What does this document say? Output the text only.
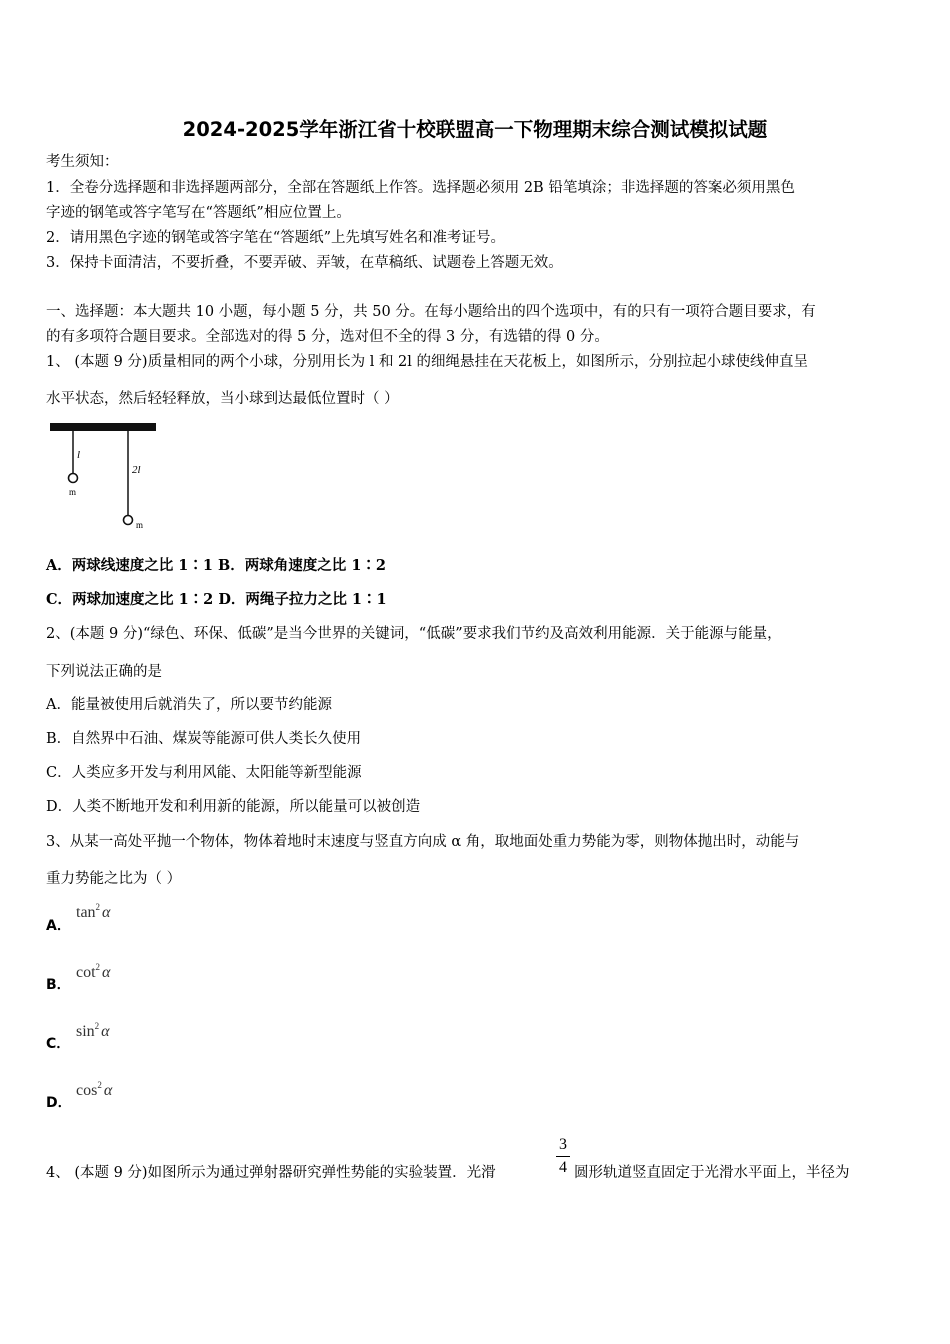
2024-2025学年浙江省十校联盟高一下物理期末综合测试模拟试题
考生须知：
1．全卷分选择题和非选择题两部分，全部在答题纸上作答。选择题必须用 2B 铅笔填涂；非选择题的答案必须用黑色
字迹的钢笔或答字笔写在“答题纸”相应位置上。
2．请用黑色字迹的钢笔或答字笔在“答题纸”上先填写姓名和准考证号。
3．保持卡面清洁，不要折叠，不要弄破、弄皱，在草稿纸、试题卷上答题无效。
一、选择题：本大题共 10 小题，每小题 5 分，共 50 分。在每小题给出的四个选项中，有的只有一项符合题目要求，有
的有多项符合题目要求。全部选对的得 5 分，选对但不全的得 3 分，有选错的得 0 分。
1、 (本题 9 分)质量相同的两个小球，分别用长为 l 和 2l 的细绳悬挂在天花板上，如图所示，分别拉起小球使线伸直呈
水平状态，然后轻轻释放，当小球到达最低位置时（ ）
l
m
2l
m
A．两球线速度之比 1∶1 B．两球角速度之比 1∶2
C．两球加速度之比 1∶2 D．两绳子拉力之比 1∶1
2、(本题 9 分)“绿色、环保、低碳”是当今世界的关键词，“低碳”要求我们节约及高效利用能源．关于能源与能量，
下列说法正确的是
A．能量被使用后就消失了，所以要节约能源
B．自然界中石油、煤炭等能源可供人类长久使用
C．人类应多开发与利用风能、太阳能等新型能源
D．人类不断地开发和利用新的能源，所以能量可以被创造
3、从某一高处平抛一个物体，物体着地时末速度与竖直方向成 α 角，取地面处重力势能为零，则物体抛出时，动能与
重力势能之比为（ ）
A．
$\tan^2 \alpha$
B．
$\cot^2 \alpha$
C．
$\sin^2 \alpha$
D．
$\cos^2 \alpha$
4、 (本题 9 分)如图所示为通过弹射器研究弹性势能的实验装置．光滑
3
4 圆形轨道竖直固定于光滑水平面上，半径为
